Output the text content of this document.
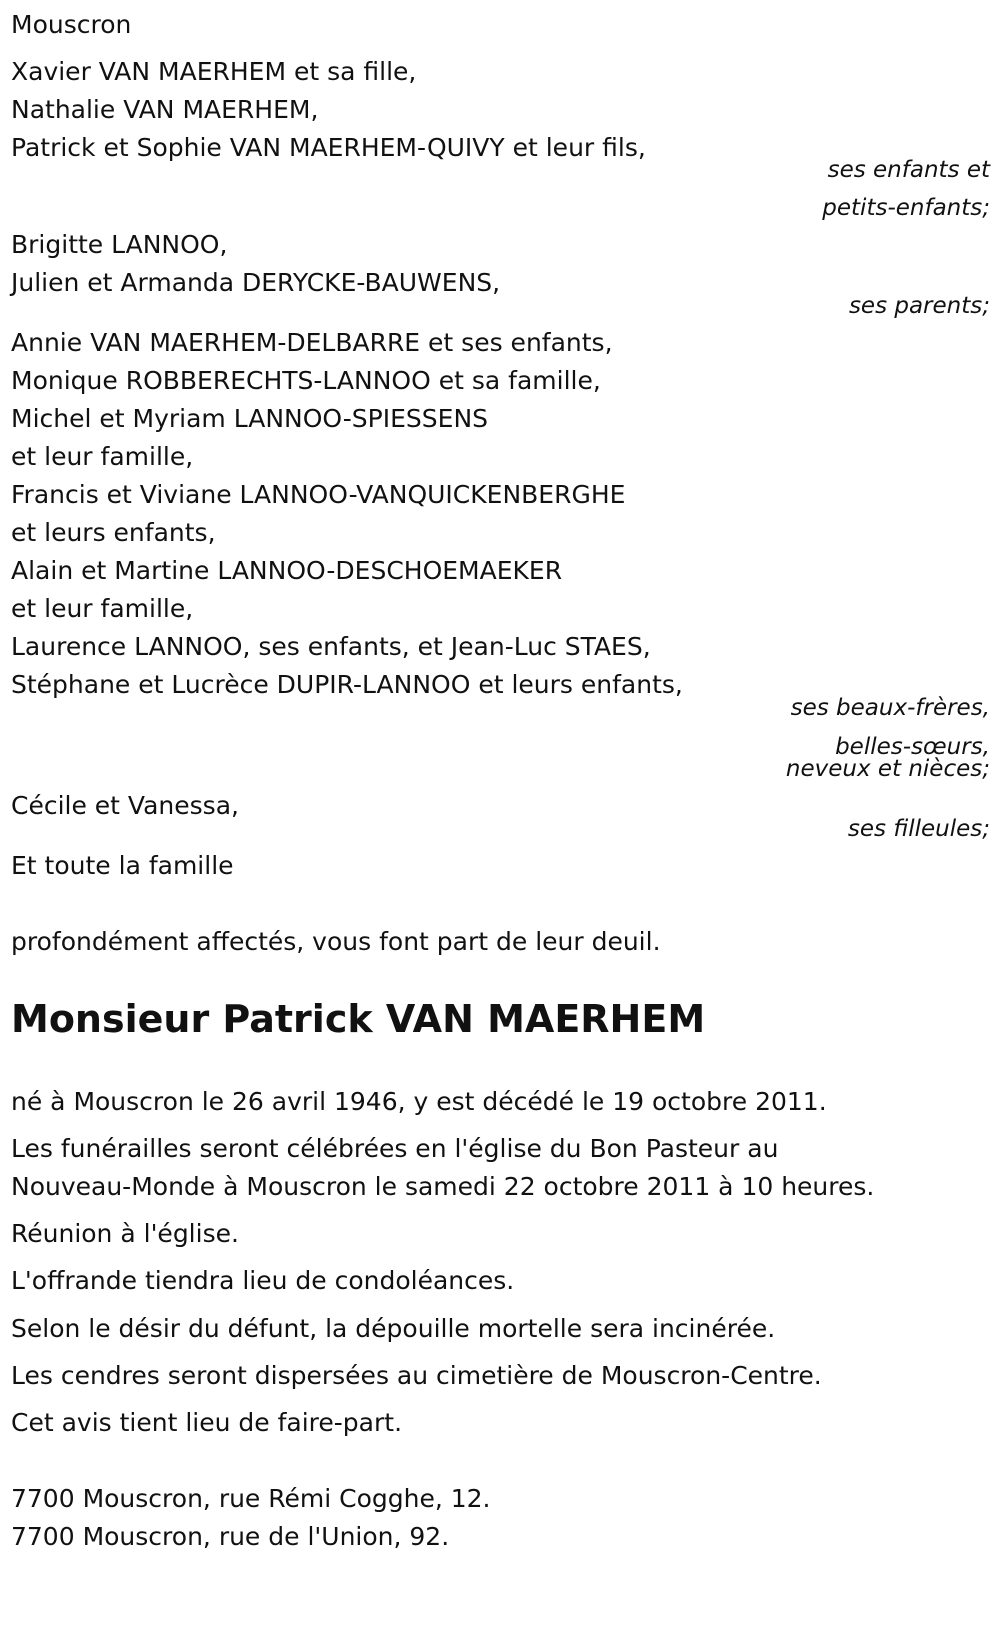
Mouscron
Xavier VAN MAERHEM et sa fille,
Nathalie VAN MAERHEM,
Patrick et Sophie VAN MAERHEM-QUIVY et leur fils,
ses enfants et
petits-enfants;
Brigitte LANNOO,
Julien et Armanda DERYCKE-BAUWENS,
ses parents;
Annie VAN MAERHEM-DELBARRE et ses enfants,
Monique ROBBERECHTS-LANNOO et sa famille,
Michel et Myriam LANNOO-SPIESSENS
et leur famille,
Francis et Viviane LANNOO-VANQUICKENBERGHE
et leurs enfants,
Alain et Martine LANNOO-DESCHOEMAEKER
et leur famille,
Laurence LANNOO, ses enfants, et Jean-Luc STAES,
Stéphane et Lucrèce DUPIR-LANNOO et leurs enfants,
ses beaux-frères,
belles-sœurs,
neveux et nièces;
Cécile et Vanessa,
ses filleules;
Et toute la famille
profondément affectés, vous font part de leur deuil.
Monsieur Patrick VAN MAERHEM
né à Mouscron le 26 avril 1946, y est décédé le 19 octobre 2011.
Les funérailles seront célébrées en l'église du Bon Pasteur au
Nouveau-Monde à Mouscron le samedi 22 octobre 2011 à 10 heures.
Réunion à l'église.
L'offrande tiendra lieu de condoléances.
Selon le désir du défunt, la dépouille mortelle sera incinérée.
Les cendres seront dispersées au cimetière de Mouscron-Centre.
Cet avis tient lieu de faire-part.
7700 Mouscron, rue Rémi Cogghe, 12.
7700 Mouscron, rue de l'Union, 92.
